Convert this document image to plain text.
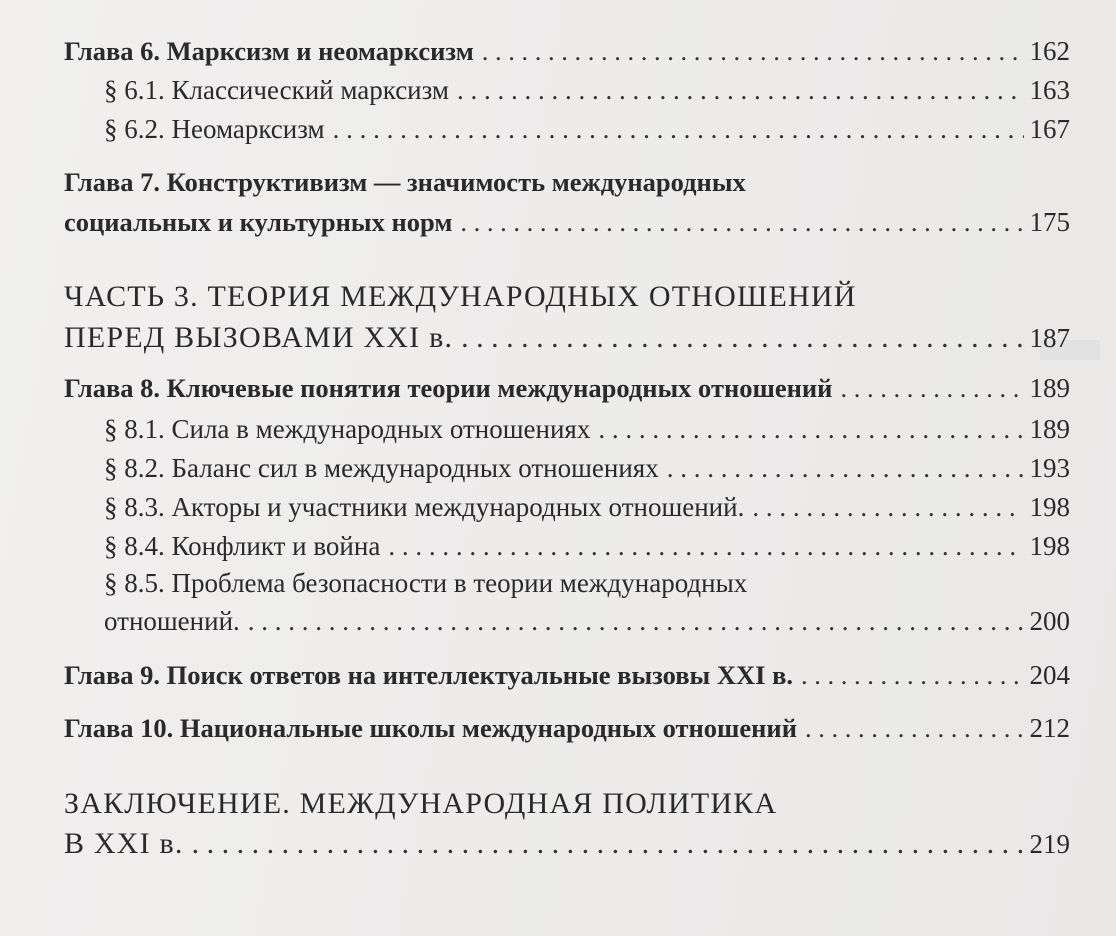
Глава 6. Марксизм и неомарксизм . . .	162
§ 6.1. Классический марксизм . . .	163
§ 6.2. Неомарксизм . . .	167
Глава 7. Конструктивизм — значимость международных
социальных и культурных норм . . .	175
ЧАСТЬ 3. ТЕОРИЯ МЕЖДУНАРОДНЫХ ОТНОШЕНИЙ
ПЕРЕД ВЫЗОВАМИ XXI в. . . .	187
Глава 8. Ключевые понятия теории международных отношений . . .	189
§ 8.1. Сила в международных отношениях . . .	189
§ 8.2. Баланс сил в международных отношениях . . .	193
§ 8.3. Акторы и участники международных отношений. . . .	198
§ 8.4. Конфликт и война . . .	198
§ 8.5. Проблема безопасности в теории международных
отношений. . . .	200
Глава 9. Поиск ответов на интеллектуальные вызовы XXI в. . . .	204
Глава 10. Национальные школы международных отношений . . .	212
ЗАКЛЮЧЕНИЕ. МЕЖДУНАРОДНАЯ ПОЛИТИКА
В XXI в. . . .	219
